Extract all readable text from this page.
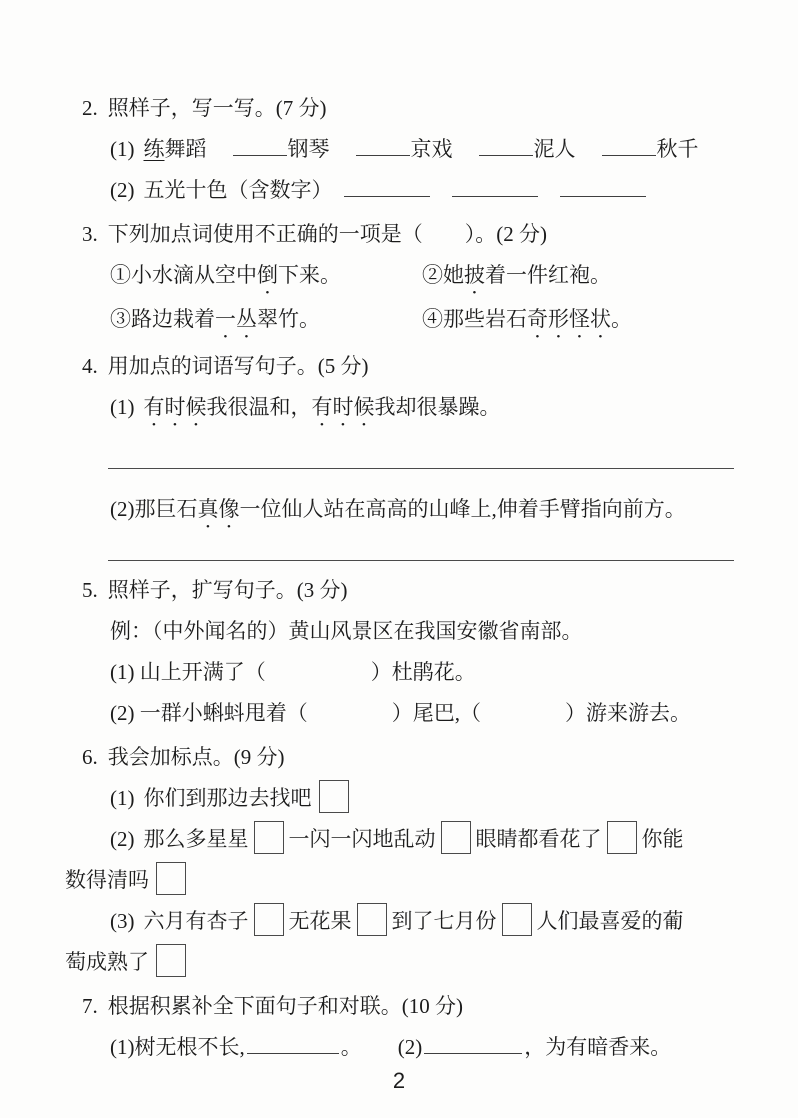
2. 照样子，写一写。(7 分)

(1) 练舞蹈	钢琴	京戏	泥人	秋千

(2) 五光十色（含数字）

3. 下列加点词使用不正确的一项是（　　）。(2 分)

①小水滴从空中倒下来。	②她披着一件红袍。

③路边栽着一丛翠竹。	④那些岩石奇形怪状。

4. 用加点的词语写句子。(5 分)

(1) 有时候我很温和，有时候我却很暴躁。

(2)那巨石真像一位仙人站在高高的山峰上,伸着手臂指向前方。

5. 照样子，扩写句子。(3 分)

例：（中外闻名的）黄山风景区在我国安徽省南部。

(1) 山上开满了（　　　　　）杜鹃花。

(2) 一群小蝌蚪甩着（　　　　）尾巴,（　　　　）游来游去。

6. 我会加标点。(9 分)

(1) 你们到那边去找吧

(2) 那么多星星 一闪一闪地乱动 眼睛都看花了 你能
数得清吗

(3) 六月有杏子 无花果 到了七月份 人们最喜爱的葡
萄成熟了

7. 根据积累补全下面句子和对联。(10 分)

(1)树无根不长,	。 (2)	，为有暗香来。

2
